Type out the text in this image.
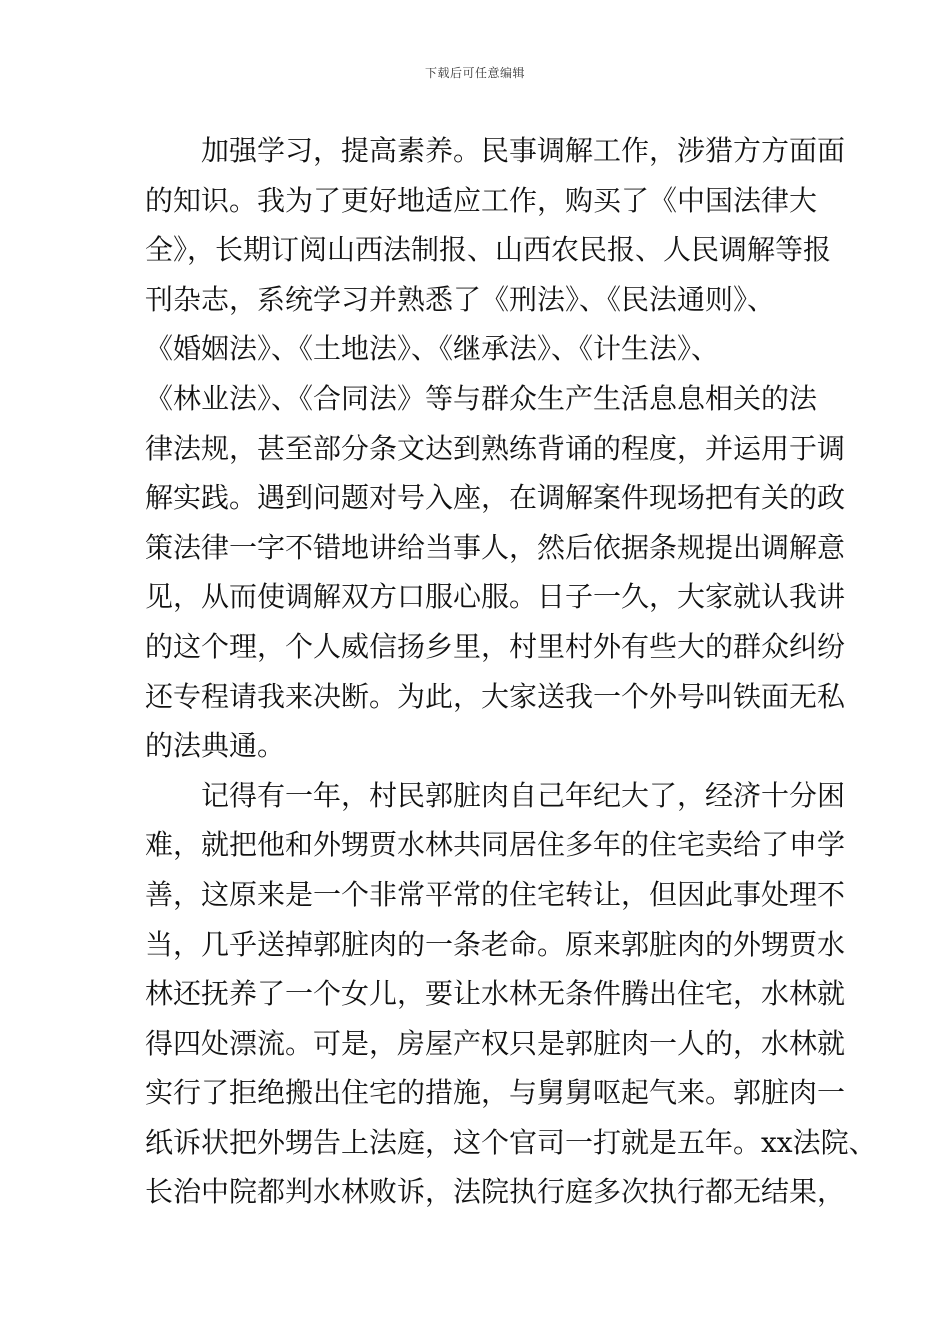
下载后可任意编辑
　　加强学习，提高素养。民事调解工作，涉猎方方面面
的知识。我为了更好地适应工作，购买了《中国法律大
全》，长期订阅山西法制报、山西农民报、人民调解等报
刊杂志，系统学习并熟悉了《刑法》、《民法通则》、
《婚姻法》、《土地法》、《继承法》、《计生法》、
《林业法》、《合同法》等与群众生产生活息息相关的法
律法规，甚至部分条文达到熟练背诵的程度，并运用于调
解实践。遇到问题对号入座，在调解案件现场把有关的政
策法律一字不错地讲给当事人，然后依据条规提出调解意
见，从而使调解双方口服心服。日子一久，大家就认我讲
的这个理，个人威信扬乡里，村里村外有些大的群众纠纷
还专程请我来决断。为此，大家送我一个外号叫铁面无私
的法典通。
　　记得有一年，村民郭脏肉自己年纪大了，经济十分困
难，就把他和外甥贾水林共同居住多年的住宅卖给了申学
善，这原来是一个非常平常的住宅转让，但因此事处理不
当，几乎送掉郭脏肉的一条老命。原来郭脏肉的外甥贾水
林还抚养了一个女儿，要让水林无条件腾出住宅，水林就
得四处漂流。可是，房屋产权只是郭脏肉一人的，水林就
实行了拒绝搬出住宅的措施，与舅舅呕起气来。郭脏肉一
纸诉状把外甥告上法庭，这个官司一打就是五年。xx法院、
长治中院都判水林败诉，法院执行庭多次执行都无结果，
